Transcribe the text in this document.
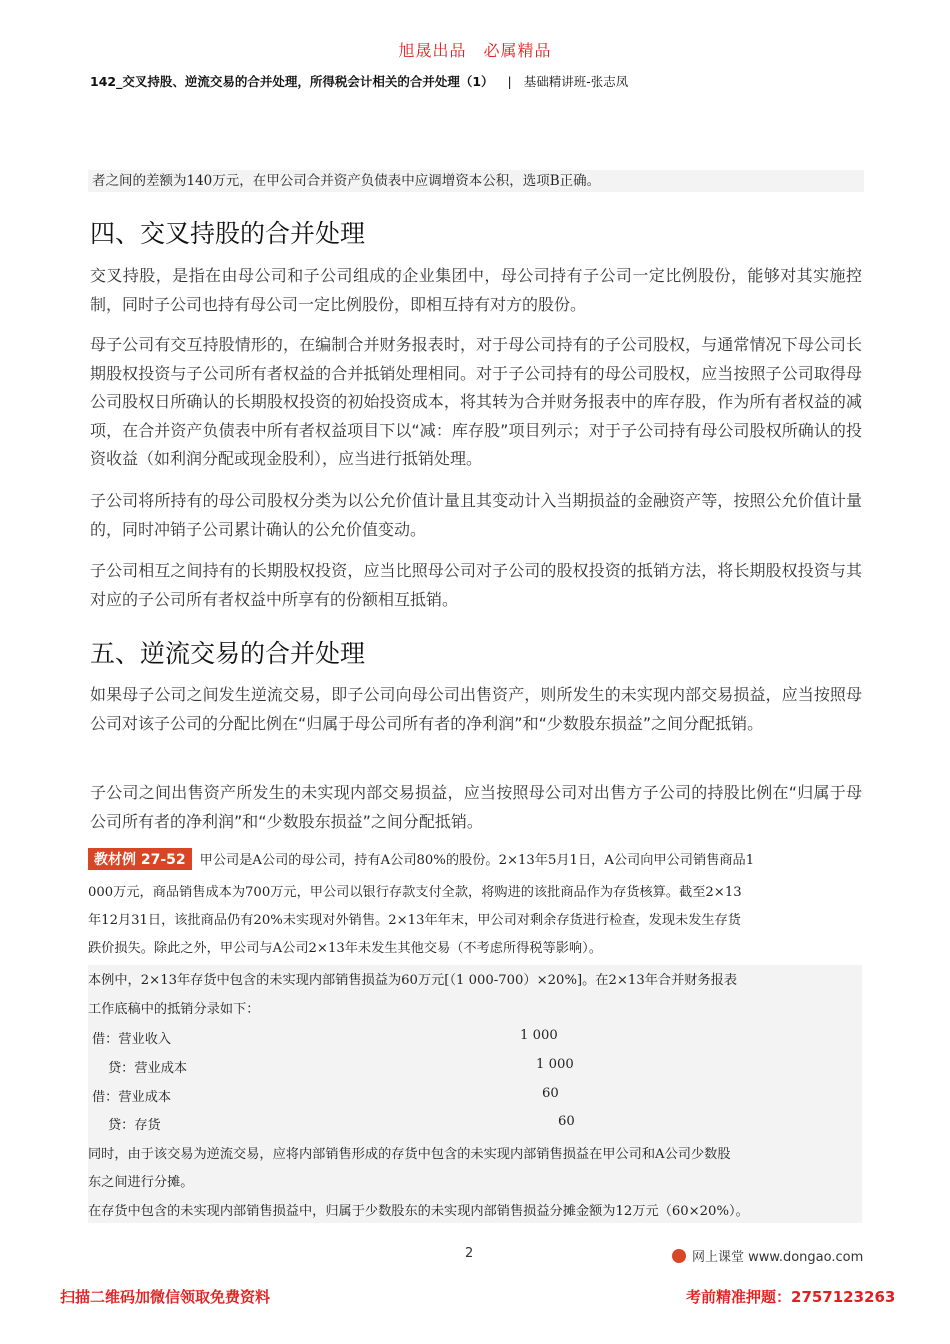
旭晟出品　必属精品
142_交叉持股、逆流交易的合并处理，所得税会计相关的合并处理（1） | 基础精讲班-张志凤
者之间的差额为140万元，在甲公司合并资产负债表中应调增资本公积，选项B正确。
四、交叉持股的合并处理
交叉持股，是指在由母公司和子公司组成的企业集团中，母公司持有子公司一定比例股份，能够对其实施控制，同时子公司也持有母公司一定比例股份，即相互持有对方的股份。
母子公司有交互持股情形的，在编制合并财务报表时，对于母公司持有的子公司股权，与通常情况下母公司长期股权投资与子公司所有者权益的合并抵销处理相同。对于子公司持有的母公司股权，应当按照子公司取得母公司股权日所确认的长期股权投资的初始投资成本，将其转为合并财务报表中的库存股，作为所有者权益的减项，在合并资产负债表中所有者权益项目下以“减：库存股”项目列示；对于子公司持有母公司股权所确认的投资收益（如利润分配或现金股利），应当进行抵销处理。
子公司将所持有的母公司股权分类为以公允价值计量且其变动计入当期损益的金融资产等，按照公允价值计量的，同时冲销子公司累计确认的公允价值变动。
子公司相互之间持有的长期股权投资，应当比照母公司对子公司的股权投资的抵销方法，将长期股权投资与其对应的子公司所有者权益中所享有的份额相互抵销。
五、逆流交易的合并处理
如果母子公司之间发生逆流交易，即子公司向母公司出售资产，则所发生的未实现内部交易损益，应当按照母公司对该子公司的分配比例在“归属于母公司所有者的净利润”和“少数股东损益”之间分配抵销。
子公司之间出售资产所发生的未实现内部交易损益，应当按照母公司对出售方子公司的持股比例在“归属于母公司所有者的净利润”和“少数股东损益”之间分配抵销。
教材例 27-52 甲公司是A公司的母公司，持有A公司80%的股份。2×13年5月1日，A公司向甲公司销售商品1
000万元，商品销售成本为700万元，甲公司以银行存款支付全款，将购进的该批商品作为存货核算。截至2×13
年12月31日，该批商品仍有20%未实现对外销售。2×13年年末，甲公司对剩余存货进行检查，发现未发生存货
跌价损失。除此之外，甲公司与A公司2×13年未发生其他交易（不考虑所得税等影响）。
本例中，2×13年存货中包含的未实现内部销售损益为60万元[（1 000-700）×20%]。在2×13年合并财务报表
工作底稿中的抵销分录如下：
借：营业收入	1 000
贷：营业成本	1 000
借：营业成本	60
贷：存货	60
同时，由于该交易为逆流交易，应将内部销售形成的存货中包含的未实现内部销售损益在甲公司和A公司少数股
东之间进行分摊。
在存货中包含的未实现内部销售损益中，归属于少数股东的未实现内部销售损益分摊金额为12万元（60×20%）。
2	网上课堂 www.dongao.com
扫描二维码加微信领取免费资料	考前精准押题：2757123263
